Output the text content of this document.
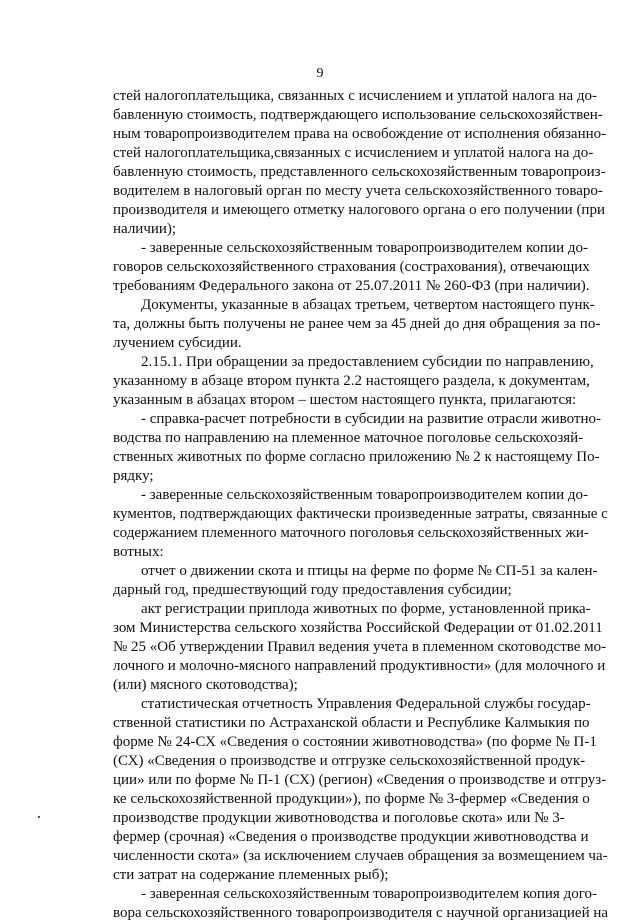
9
стей налогоплательщика, связанных с исчислением и уплатой налога на до-
бавленную стоимость, подтверждающего использование сельскохозяйствен-
ным товаропроизводителем права на освобождение от исполнения обязанно-
стей налогоплательщика,связанных с исчислением и уплатой налога на до-
бавленную стоимость, представленного сельскохозяйственным товаропроиз-
водителем в налоговый орган по месту учета сельскохозяйственного товаро-
производителя и имеющего отметку налогового органа о его получении (при
наличии);
- заверенные сельскохозяйственным товаропроизводителем копии до-
говоров сельскохозяйственного страхования (сострахования), отвечающих
требованиям Федерального закона от 25.07.2011 № 260-ФЗ (при наличии).
Документы, указанные в абзацах третьем, четвертом настоящего пунк-
та, должны быть получены не ранее чем за 45 дней до дня обращения за по-
лучением субсидии.
2.15.1. При обращении за предоставлением субсидии по направлению,
указанному в абзаце втором пункта 2.2 настоящего раздела, к документам,
указанным в абзацах втором – шестом настоящего пункта, прилагаются:
- справка-расчет потребности в субсидии на развитие отрасли животно-
водства по направлению на племенное маточное поголовье сельскохозяй-
ственных животных по форме согласно приложению № 2 к настоящему По-
рядку;
- заверенные сельскохозяйственным товаропроизводителем копии до-
кументов, подтверждающих фактически произведенные затраты, связанные с
содержанием племенного маточного поголовья сельскохозяйственных жи-
вотных:
отчет о движении скота и птицы на ферме по форме № СП-51 за кален-
дарный год, предшествующий году предоставления субсидии;
акт регистрации приплода животных по форме, установленной прика-
зом Министерства сельского хозяйства Российской Федерации от 01.02.2011
№ 25 «Об утверждении Правил ведения учета в племенном скотоводстве мо-
лочного и молочно-мясного направлений продуктивности» (для молочного и
(или) мясного скотоводства);
статистическая отчетность Управления Федеральной службы государ-
ственной статистики по Астраханской области и Республике Калмыкия по
форме № 24-СХ «Сведения о состоянии животноводства» (по форме № П-1
(СХ) «Сведения о производстве и отгрузке сельскохозяйственной продук-
ции» или по форме № П-1 (СХ) (регион) «Сведения о производстве и отгруз-
ке сельскохозяйственной продукции»), по форме № 3-фермер «Сведения о
производстве продукции животноводства и поголовье скота» или № 3-
фермер (срочная) «Сведения о производстве продукции животноводства и
численности скота» (за исключением случаев обращения за возмещением ча-
сти затрат на содержание племенных рыб);
- заверенная сельскохозяйственным товаропроизводителем копия дого-
вора сельскохозяйственного товаропроизводителя с научной организацией на
